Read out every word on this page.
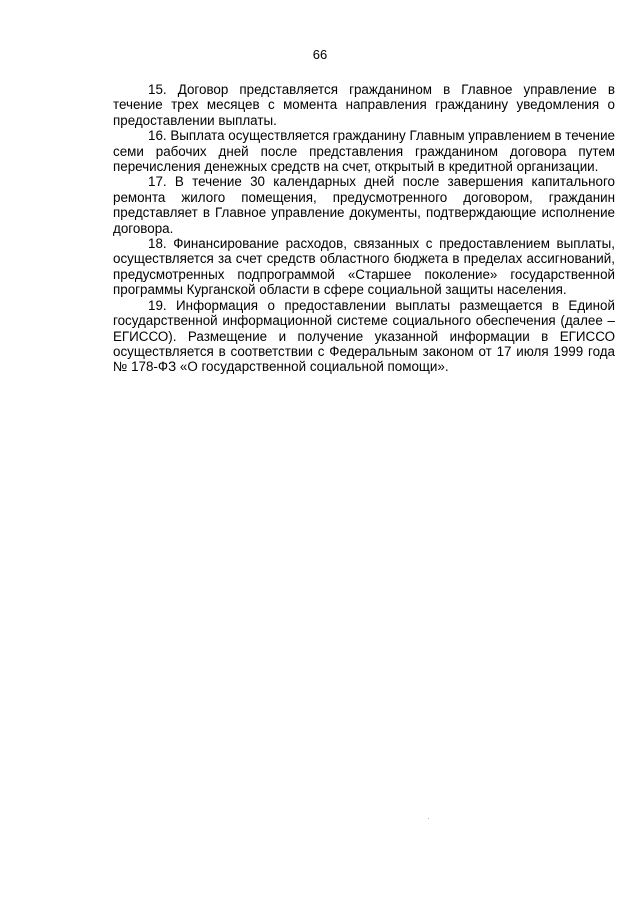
66

15. Договор представляется гражданином в Главное управление в течение трех месяцев с момента направления гражданину уведомления о предоставлении выплаты.

16. Выплата осуществляется гражданину Главным управлением в течение семи рабочих дней после представления гражданином договора путем перечисления денежных средств на счет, открытый в кредитной организации.

17. В течение 30 календарных дней после завершения капитального ремонта жилого помещения, предусмотренного договором, гражданин представляет в Главное управление документы, подтверждающие исполнение договора.

18. Финансирование расходов, связанных с предоставлением выплаты, осуществляется за счет средств областного бюджета в пределах ассигнований, предусмотренных подпрограммой «Старшее поколение» государственной программы Курганской области в сфере социальной защиты населения.

19. Информация о предоставлении выплаты размещается в Единой государственной информационной системе социального обеспечения (далее – ЕГИССО). Размещение и получение указанной информации в ЕГИССО осуществляется в соответствии с Федеральным законом от 17 июля 1999 года № 178-ФЗ «О государственной социальной помощи».
